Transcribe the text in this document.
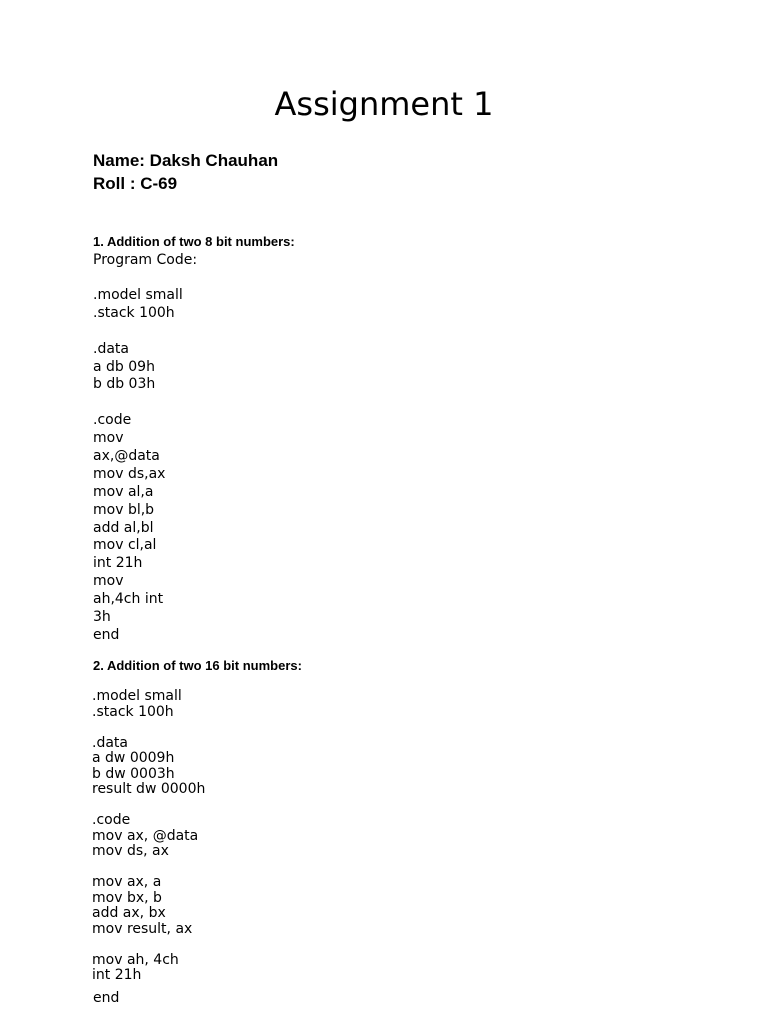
Assignment 1
Name: Daksh Chauhan
Roll : C-69
1. Addition of two 8 bit numbers:
Program Code:
.model small
.stack 100h
.data
a db 09h
b db 03h
.code
mov
ax,@data
mov ds,ax
mov al,a
mov bl,b
add al,bl
mov cl,al
int 21h
mov
ah,4ch int
3h
end
2. Addition of two 16 bit numbers:
.model small
.stack 100h
.data
a dw 0009h
b dw 0003h
result dw 0000h
.code
mov ax, @data
mov ds, ax
mov ax, a
mov bx, b
add ax, bx
mov result, ax
mov ah, 4ch
int 21h
end
